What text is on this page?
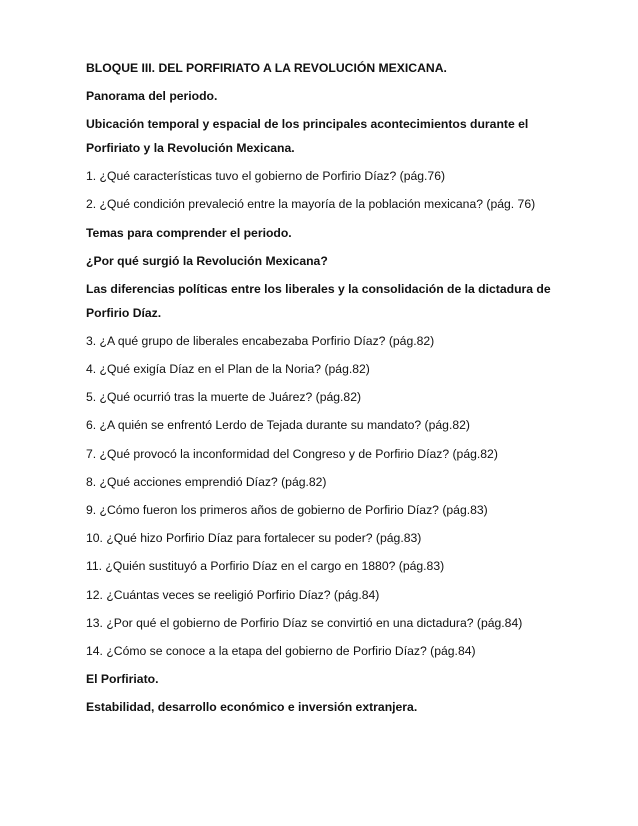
BLOQUE III. DEL PORFIRIATO A LA REVOLUCIÓN MEXICANA.

Panorama del periodo.

Ubicación temporal y espacial de los principales acontecimientos durante el

Porfiriato y la Revolución Mexicana.

1. ¿Qué características tuvo el gobierno de Porfirio Díaz? (pág.76)

2. ¿Qué condición prevaleció entre la mayoría de la población mexicana? (pág. 76)

Temas para comprender el periodo.

¿Por qué surgió la Revolución Mexicana?

Las diferencias políticas entre los liberales y la consolidación de la dictadura de

Porfirio Díaz.

3. ¿A qué grupo de liberales encabezaba Porfirio Díaz? (pág.82)

4. ¿Qué exigía Díaz en el Plan de la Noria? (pág.82)

5. ¿Qué ocurrió tras la muerte de Juárez? (pág.82)

6. ¿A quién se enfrentó Lerdo de Tejada durante su mandato? (pág.82)

7. ¿Qué provocó la inconformidad del Congreso y de Porfirio Díaz? (pág.82)

8. ¿Qué acciones emprendió Díaz? (pág.82)

9. ¿Cómo fueron los primeros años de gobierno de Porfirio Díaz? (pág.83)

10. ¿Qué hizo Porfirio Díaz para fortalecer su poder? (pág.83)

11. ¿Quién sustituyó a Porfirio Díaz en el cargo en 1880? (pág.83)

12. ¿Cuántas veces se reeligió Porfirio Díaz? (pág.84)

13. ¿Por qué el gobierno de Porfirio Díaz se convirtió en una dictadura? (pág.84)

14. ¿Cómo se conoce a la etapa del gobierno de Porfirio Díaz? (pág.84)

El Porfiriato.

Estabilidad, desarrollo económico e inversión extranjera.
